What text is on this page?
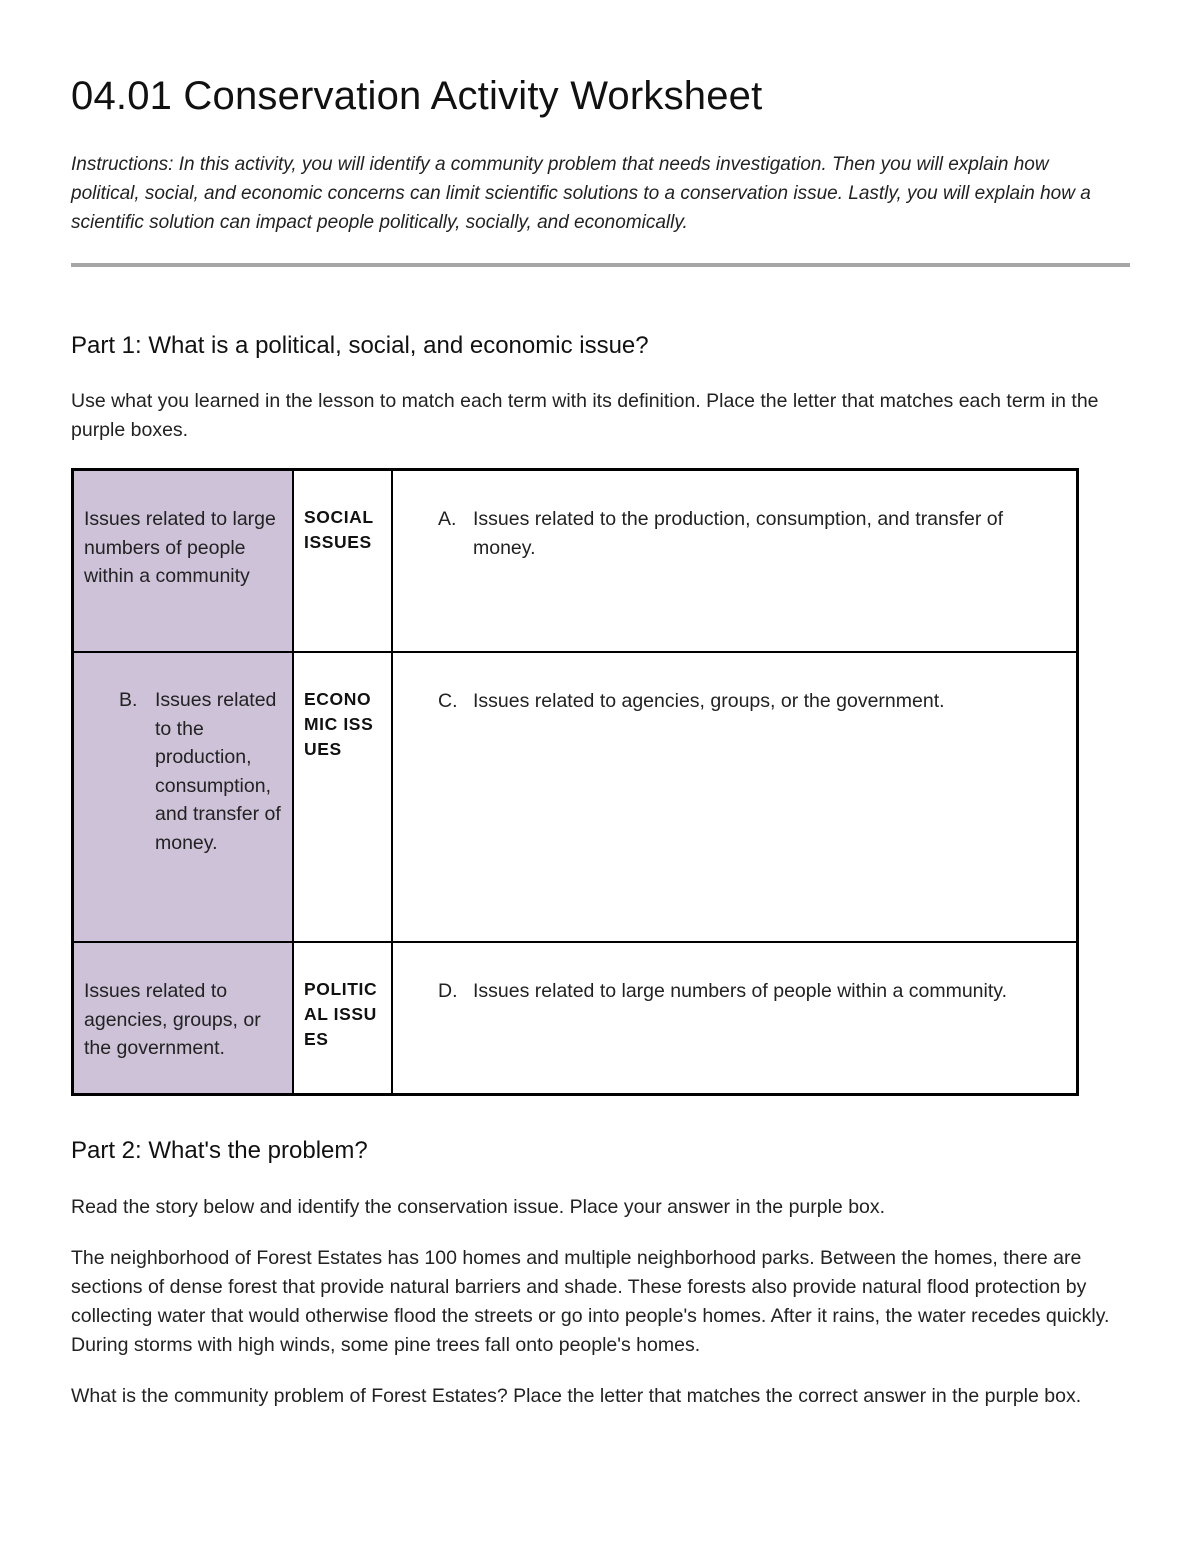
04.01 Conservation Activity Worksheet

Instructions: In this activity, you will identify a community problem that needs investigation. Then you will explain how political, social, and economic concerns can limit scientific solutions to a conservation issue. Lastly, you will explain how a scientific solution can impact people politically, socially, and economically.

Part 1: What is a political, social, and economic issue?

Use what you learned in the lesson to match each term with its definition. Place the letter that matches each term in the purple boxes.

Issues related to large numbers of people within a community	SOCIAL ISSUES	A. Issues related to the production, consumption, and transfer of money.

B. Issues related to the production, consumption, and transfer of money.	ECONOMIC ISSUES	C. Issues related to agencies, groups, or the government.

Issues related to agencies, groups, or the government.	POLITICAL ISSUES	D. Issues related to large numbers of people within a community.
Part 2: What's the problem?

Read the story below and identify the conservation issue. Place your answer in the purple box.

The neighborhood of Forest Estates has 100 homes and multiple neighborhood parks. Between the homes, there are sections of dense forest that provide natural barriers and shade. These forests also provide natural flood protection by collecting water that would otherwise flood the streets or go into people's homes. After it rains, the water recedes quickly. During storms with high winds, some pine trees fall onto people's homes.

What is the community problem of Forest Estates? Place the letter that matches the correct answer in the purple box.
